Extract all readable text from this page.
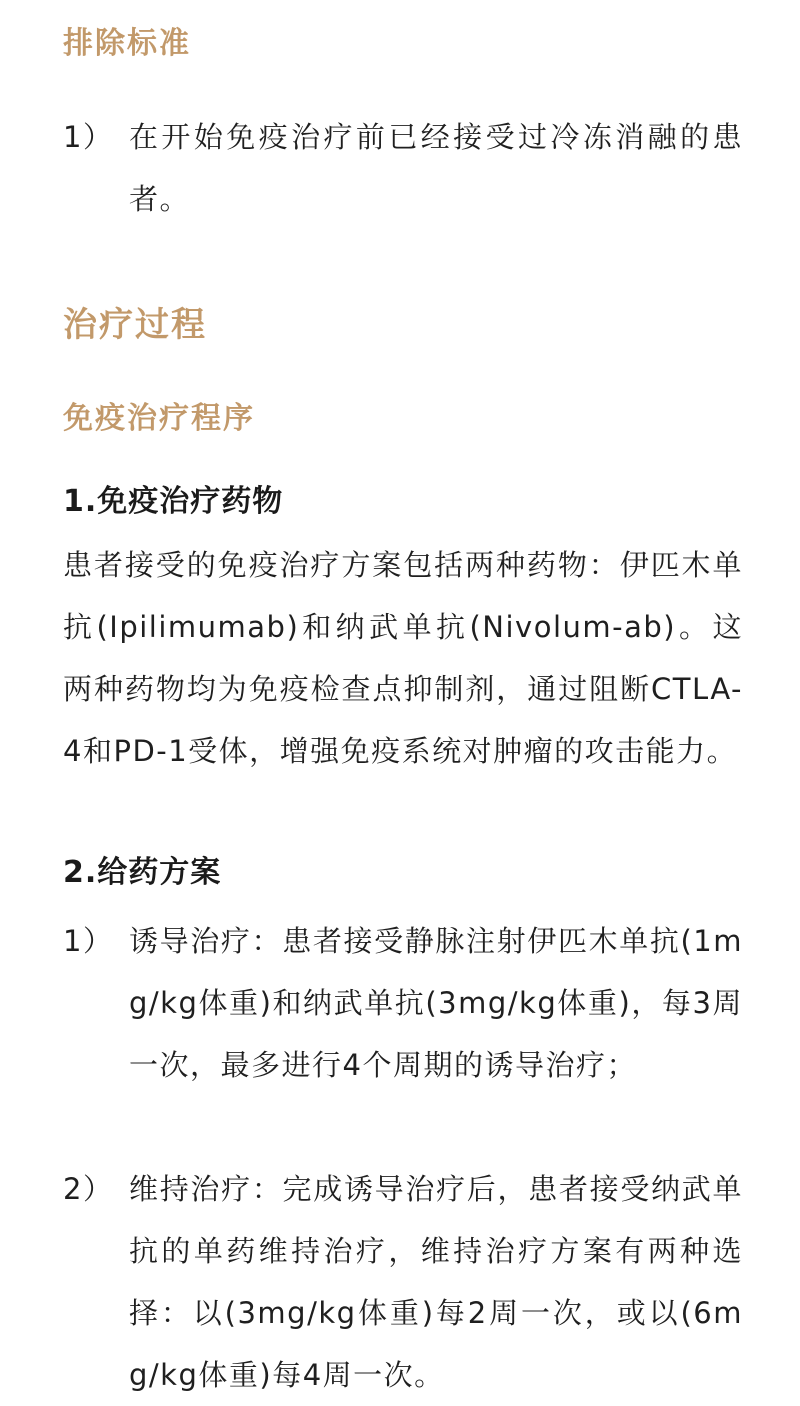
排除标准
1） 在开始免疫治疗前已经接受过冷冻消融的患者。
治疗过程
免疫治疗程序
1.免疫治疗药物

患者接受的免疫治疗方案包括两种药物：伊匹木单抗(Ipilimumab)和纳武单抗(Nivolum-ab)。这两种药物均为免疫检查点抑制剂，通过阻断CTLA-4和PD-1受体，增强免疫系统对肿瘤的攻击能力。

2.给药方案
1） 诱导治疗：患者接受静脉注射伊匹木单抗(1mg/kg体重)和纳武单抗(3mg/kg体重)，每3周一次，最多进行4个周期的诱导治疗；
2） 维持治疗：完成诱导治疗后，患者接受纳武单抗的单药维持治疗，维持治疗方案有两种选择：以(3mg/kg体重)每2周一次，或以(6mg/kg体重)每4周一次。
